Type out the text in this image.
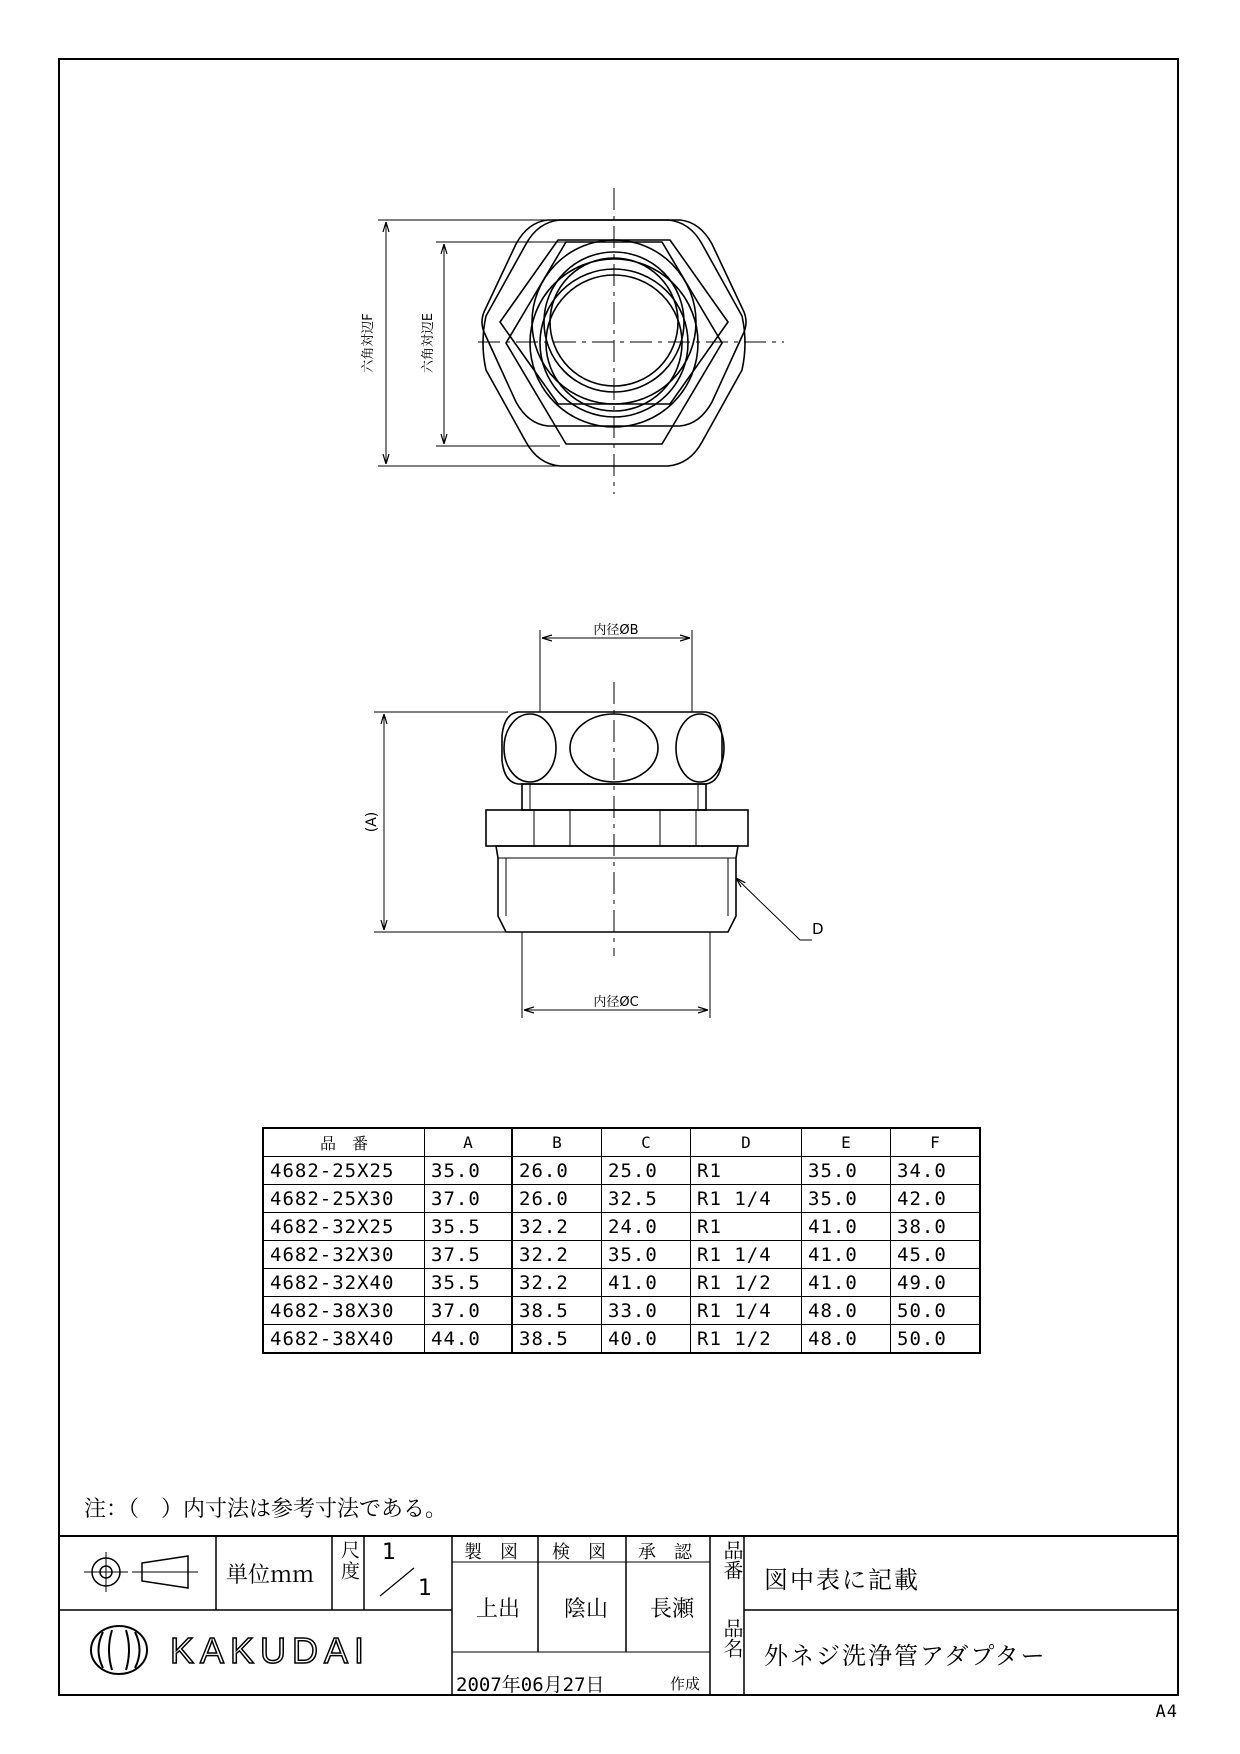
六角対辺F	六角対辺E
内径ØB
内径ØC
(A)
D
品　番	A	B	C	D	E	F
4682-25X25	35.0	26.0	25.0	R1	35.0	34.0
4682-25X30	37.0	26.0	32.5	R1 1/4	35.0	42.0
4682-32X25	35.5	32.2	24.0	R1	41.0	38.0
4682-32X30	37.5	32.2	35.0	R1 1/4	41.0	45.0
4682-32X40	35.5	32.2	41.0	R1 1/2	41.0	49.0
4682-38X30	37.0	38.5	33.0	R1 1/4	48.0	50.0
4682-38X40	44.0	38.5	40.0	R1 1/2	48.0	50.0
注：（　）内寸法は参考寸法である。
単位ｍｍ 尺度 1
1
製　図 検　図 承　認
上出 陰山 長瀬
品番 図中表に記載
品名 外ネジ洗浄管アダプター
KAKUDAI
2007年06月27日	作成
A4
